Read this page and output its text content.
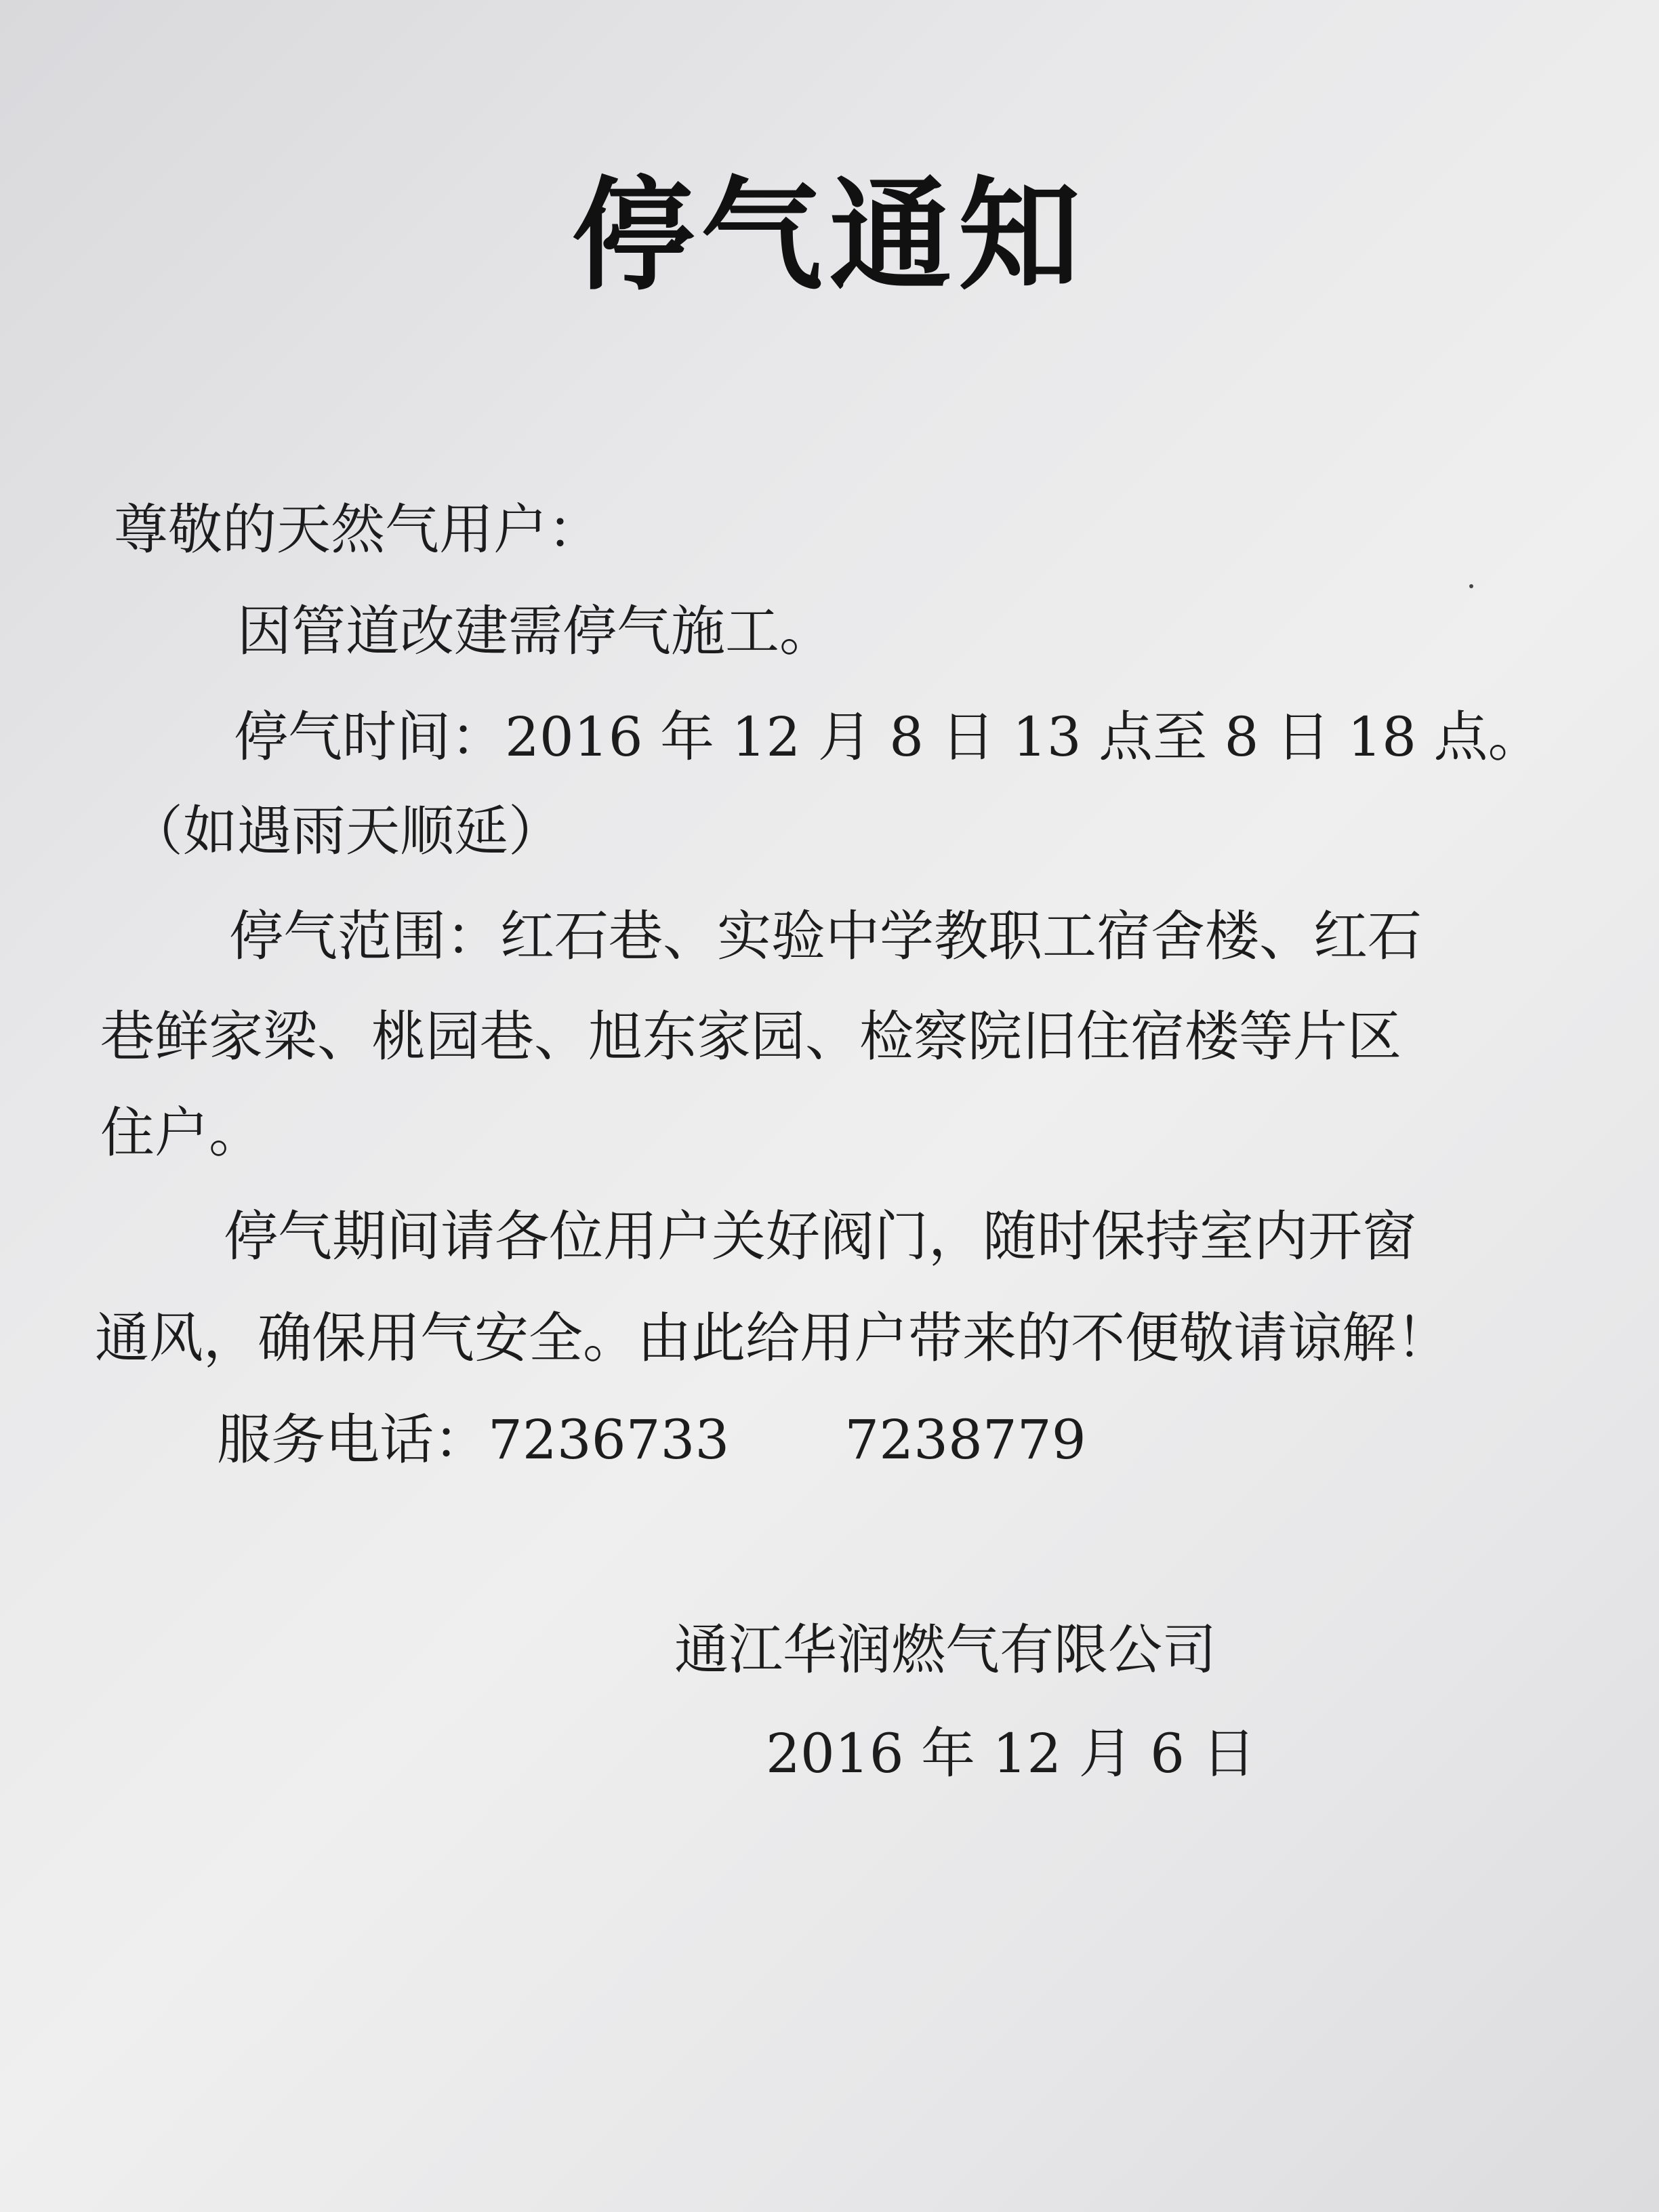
停气通知
尊敬的天然气用户：
因管道改建需停气施工。
停气时间：2016 年 12 月 8 日 13 点至 8 日 18 点。
（如遇雨天顺延）
停气范围：红石巷、实验中学教职工宿舍楼、红石
巷鲜家梁、桃园巷、旭东家园、检察院旧住宿楼等片区
住户。
停气期间请各位用户关好阀门，随时保持室内开窗
通风，确保用气安全。由此给用户带来的不便敬请谅解！
服务电话：7236733 7238779
通江华润燃气有限公司
2016 年 12 月 6 日
